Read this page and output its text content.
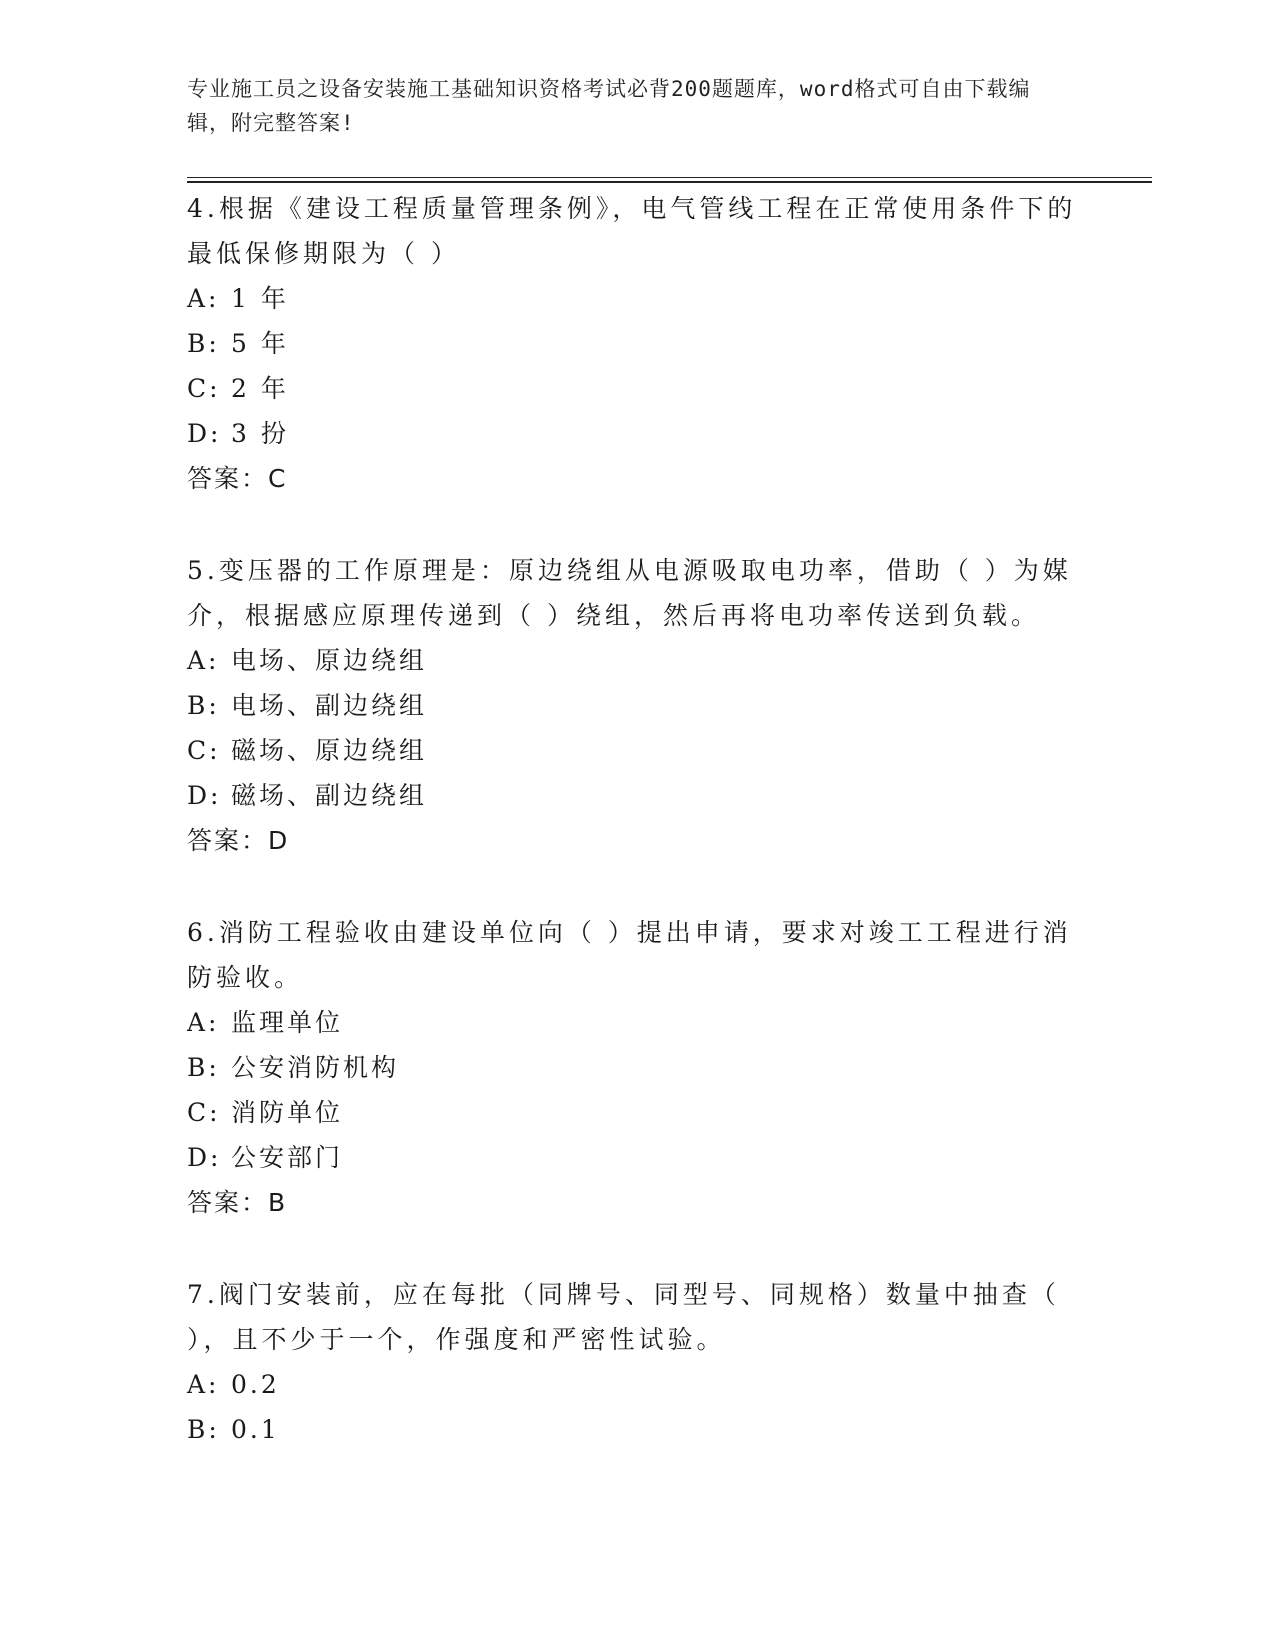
专业施工员之设备安装施工基础知识资格考试必背200题题库，word格式可自由下载编辑，附完整答案!

4.根据《建设工程质量管理条例》，电气管线工程在正常使用条件下的最低保修期限为（ ）

A: 1 年

B: 5 年

C: 2 年

D: 3 扮

答案：C

5.变压器的工作原理是：原边绕组从电源吸取电功率，借助（ ）为媒介，根据感应原理传递到（ ）绕组，然后再将电功率传送到负载。

A: 电场、原边绕组

B: 电场、副边绕组

C: 磁场、原边绕组

D: 磁场、副边绕组

答案：D

6.消防工程验收由建设单位向（ ）提出申请，要求对竣工工程进行消防验收。

A: 监理单位

B: 公安消防机构

C: 消防单位

D: 公安部门

答案：B

7.阀门安装前，应在每批（同牌号、同型号、同规格）数量中抽查（ ），且不少于一个，作强度和严密性试验。

A: 0.2

B: 0.1
